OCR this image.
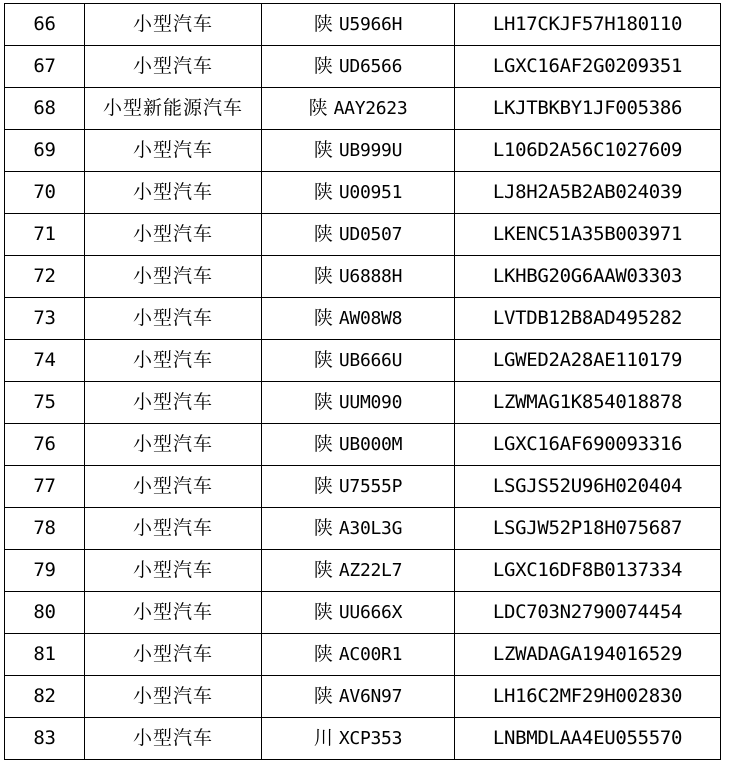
66	小型汽车	陕 U5966H	LH17CKJF57H180110
67	小型汽车	陕 UD6566	LGXC16AF2G0209351
68	小型新能源汽车	陕 AAY2623	LKJTBKBY1JF005386
69	小型汽车	陕 UB999U	L106D2A56C1027609
70	小型汽车	陕 U00951	LJ8H2A5B2AB024039
71	小型汽车	陕 UD0507	LKENC51A35B003971
72	小型汽车	陕 U6888H	LKHBG20G6AAW03303
73	小型汽车	陕 AW08W8	LVTDB12B8AD495282
74	小型汽车	陕 UB666U	LGWED2A28AE110179
75	小型汽车	陕 UUM090	LZWMAG1K854018878
76	小型汽车	陕 UB000M	LGXC16AF690093316
77	小型汽车	陕 U7555P	LSGJS52U96H020404
78	小型汽车	陕 A30L3G	LSGJW52P18H075687
79	小型汽车	陕 AZ22L7	LGXC16DF8B0137334
80	小型汽车	陕 UU666X	LDC703N2790074454
81	小型汽车	陕 AC00R1	LZWADAGA194016529
82	小型汽车	陕 AV6N97	LH16C2MF29H002830
83	小型汽车	川 XCP353	LNBMDLAA4EU055570
